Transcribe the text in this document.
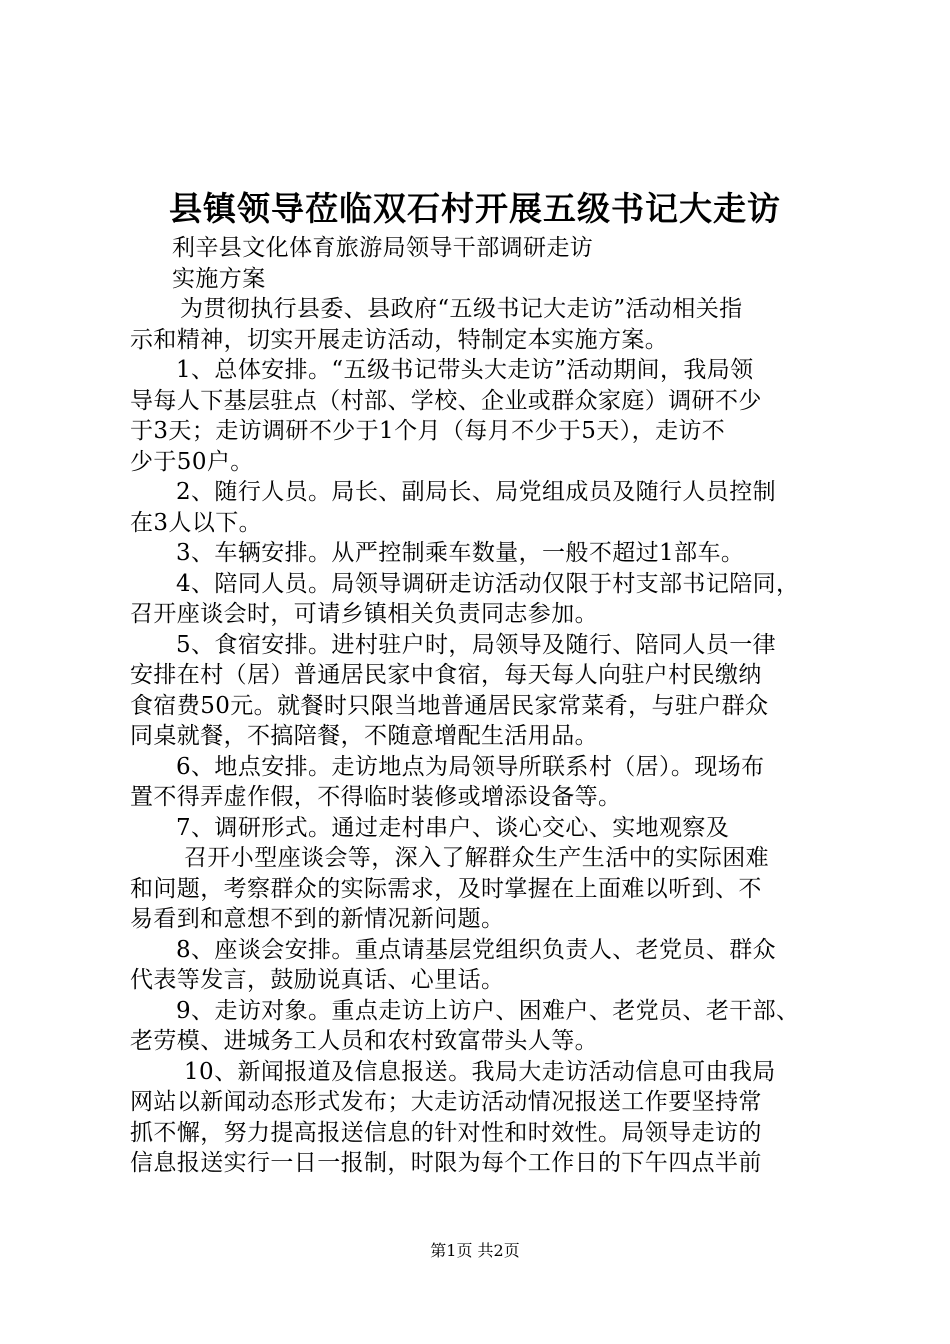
县镇领导莅临双石村开展五级书记大走访
利辛县文化体育旅游局领导干部调研走访
实施方案
为贯彻执行县委、县政府“五级书记大走访”活动相关指
示和精神，切实开展走访活动，特制定本实施方案。
1、总体安排。“五级书记带头大走访”活动期间，我局领
导每人下基层驻点（村部、学校、企业或群众家庭）调研不少
于3天；走访调研不少于1个月（每月不少于5天），走访不
少于50户。
2、随行人员。局长、副局长、局党组成员及随行人员控制
在3人以下。
3、车辆安排。从严控制乘车数量，一般不超过1部车。
4、陪同人员。局领导调研走访活动仅限于村支部书记陪同，
召开座谈会时，可请乡镇相关负责同志参加。
5、食宿安排。进村驻户时，局领导及随行、陪同人员一律
安排在村（居）普通居民家中食宿，每天每人向驻户村民缴纳
食宿费50元。就餐时只限当地普通居民家常菜肴，与驻户群众
同桌就餐，不搞陪餐，不随意增配生活用品。
6、地点安排。走访地点为局领导所联系村（居）。现场布
置不得弄虚作假，不得临时装修或增添设备等。
7、调研形式。通过走村串户、谈心交心、实地观察及
召开小型座谈会等，深入了解群众生产生活中的实际困难
和问题，考察群众的实际需求，及时掌握在上面难以听到、不
易看到和意想不到的新情况新问题。
8、座谈会安排。重点请基层党组织负责人、老党员、群众
代表等发言，鼓励说真话、心里话。
9、走访对象。重点走访上访户、困难户、老党员、老干部、
老劳模、进城务工人员和农村致富带头人等。
10、新闻报道及信息报送。我局大走访活动信息可由我局
网站以新闻动态形式发布；大走访活动情况报送工作要坚持常
抓不懈，努力提高报送信息的针对性和时效性。局领导走访的
信息报送实行一日一报制，时限为每个工作日的下午四点半前
第1页 共2页
